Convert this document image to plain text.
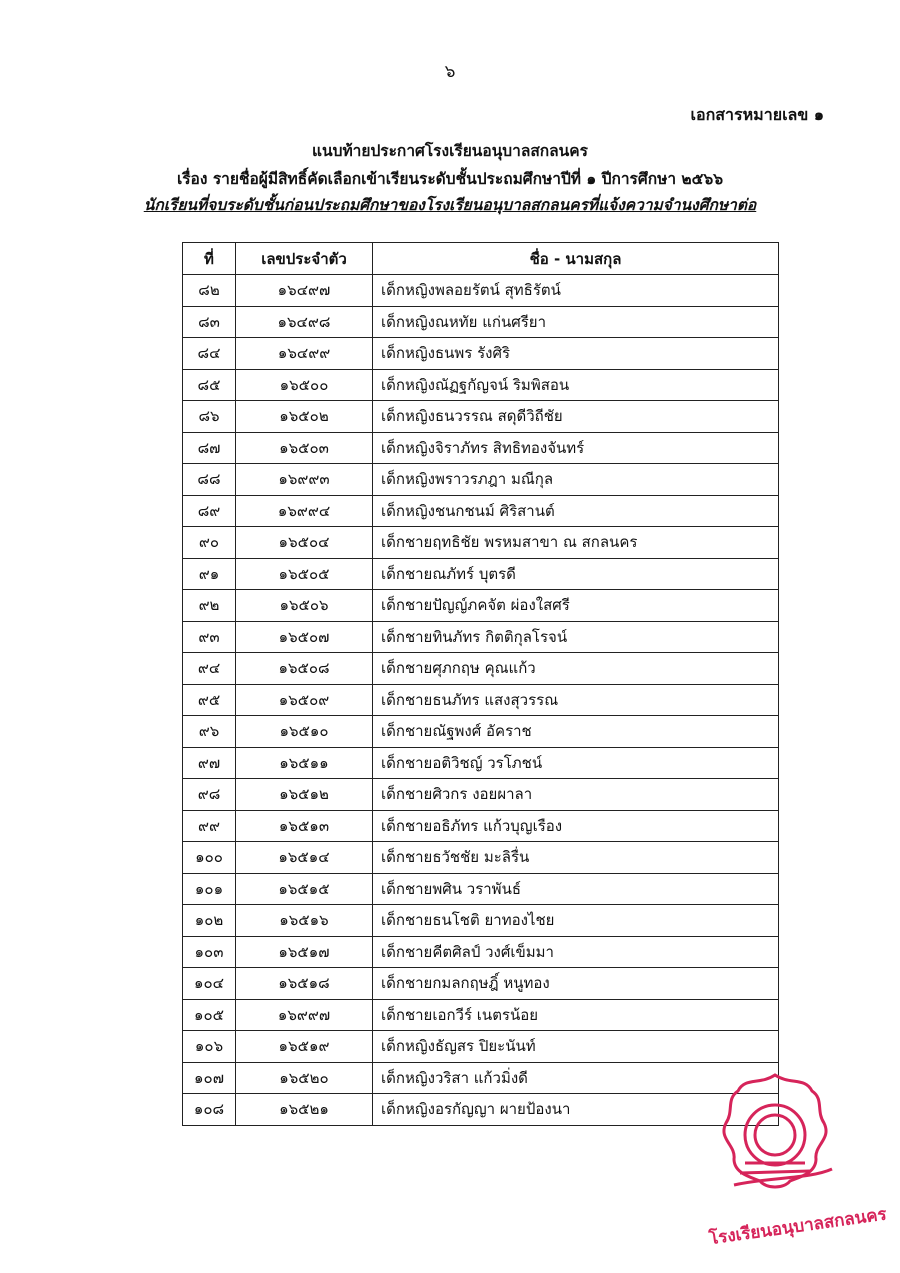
๖
เอกสารหมายเลข ๑
แนบท้ายประกาศโรงเรียนอนุบาลสกลนคร
เรื่อง รายชื่อผู้มีสิทธิ์คัดเลือกเข้าเรียนระดับชั้นประถมศึกษาปีที่ ๑ ปีการศึกษา ๒๕๖๖
นักเรียนที่จบระดับชั้นก่อนประถมศึกษาของโรงเรียนอนุบาลสกลนครที่แจ้งความจำนงศึกษาต่อ
ที่	เลขประจำตัว	ชื่อ - นามสกุล
๘๒	๑๖๔๙๗	เด็กหญิงพลอยรัตน์ สุทธิรัตน์
๘๓	๑๖๔๙๘	เด็กหญิงณหทัย แก่นศรียา
๘๔	๑๖๔๙๙	เด็กหญิงธนพร รังศิริ
๘๕	๑๖๕๐๐	เด็กหญิงณัฏฐกัญจน์ ริมพิสอน
๘๖	๑๖๕๐๒	เด็กหญิงธนวรรณ สดุดีวิถีชัย
๘๗	๑๖๕๐๓	เด็กหญิงจิราภัทร สิทธิทองจันทร์
๘๘	๑๖๙๙๓	เด็กหญิงพราวรภฎา มณีกุล
๘๙	๑๖๙๙๔	เด็กหญิงชนกชนม์ ศิริสานต์
๙๐	๑๖๕๐๔	เด็กชายฤทธิชัย พรหมสาขา ณ สกลนคร
๙๑	๑๖๕๐๕	เด็กชายณภัทร์ บุตรดี
๙๒	๑๖๕๐๖	เด็กชายปัญญ์ภคจัต ผ่องใสศรี
๙๓	๑๖๕๐๗	เด็กชายทินภัทร กิตติกุลโรจน์
๙๔	๑๖๕๐๘	เด็กชายศุภกฤษ คุณแก้ว
๙๕	๑๖๕๐๙	เด็กชายธนภัทร แสงสุวรรณ
๙๖	๑๖๕๑๐	เด็กชายณัฐพงศ์ อัคราช
๙๗	๑๖๕๑๑	เด็กชายอติวิชญ์ วรโภชน์
๙๘	๑๖๕๑๒	เด็กชายศิวกร งอยผาลา
๙๙	๑๖๕๑๓	เด็กชายอธิภัทร แก้วบุญเรือง
๑๐๐	๑๖๕๑๔	เด็กชายธวัชชัย มะลิรื่น
๑๐๑	๑๖๕๑๕	เด็กชายพศิน วราพันธ์
๑๐๒	๑๖๕๑๖	เด็กชายธนโชติ ยาทองไชย
๑๐๓	๑๖๕๑๗	เด็กชายคีตศิลป์ วงศ์เข็มมา
๑๐๔	๑๖๕๑๘	เด็กชายกมลกฤษฎิ์ หนูทอง
๑๐๕	๑๖๙๙๗	เด็กชายเอกวีร์ เนตรน้อย
๑๐๖	๑๖๕๑๙	เด็กหญิงธัญสร ปิยะนันท์
๑๐๗	๑๖๕๒๐	เด็กหญิงวริสา แก้วมิ่งดี
๑๐๘	๑๖๕๒๑	เด็กหญิงอรกัญญา ผายป้องนา
โรงเรียนอนุบาลสกลนคร
